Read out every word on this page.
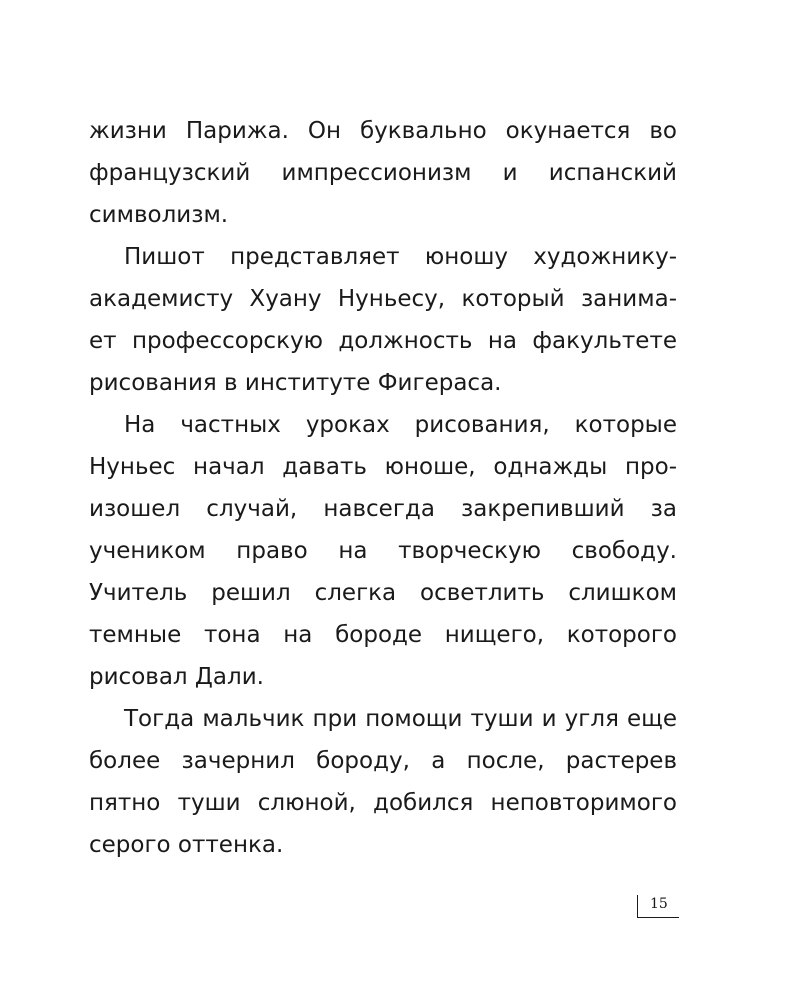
жизни Парижа. Он буквально окунается во
французский импрессионизм и испанский
символизм.
Пишот представляет юношу художнику-
академисту Хуану Нуньесу, который занима-
ет профессорскую должность на факультете
рисования в институте Фигераса.
На частных уроках рисования, которые
Нуньес начал давать юноше, однажды про-
изошел случай, навсегда закрепивший за
учеником право на творческую свободу.
Учитель решил слегка осветлить слишком
темные тона на бороде нищего, которого
рисовал Дали.
Тогда мальчик при помощи туши и угля еще
более зачернил бороду, а после, растерев
пятно туши слюной, добился неповторимого
серого оттенка.
15
